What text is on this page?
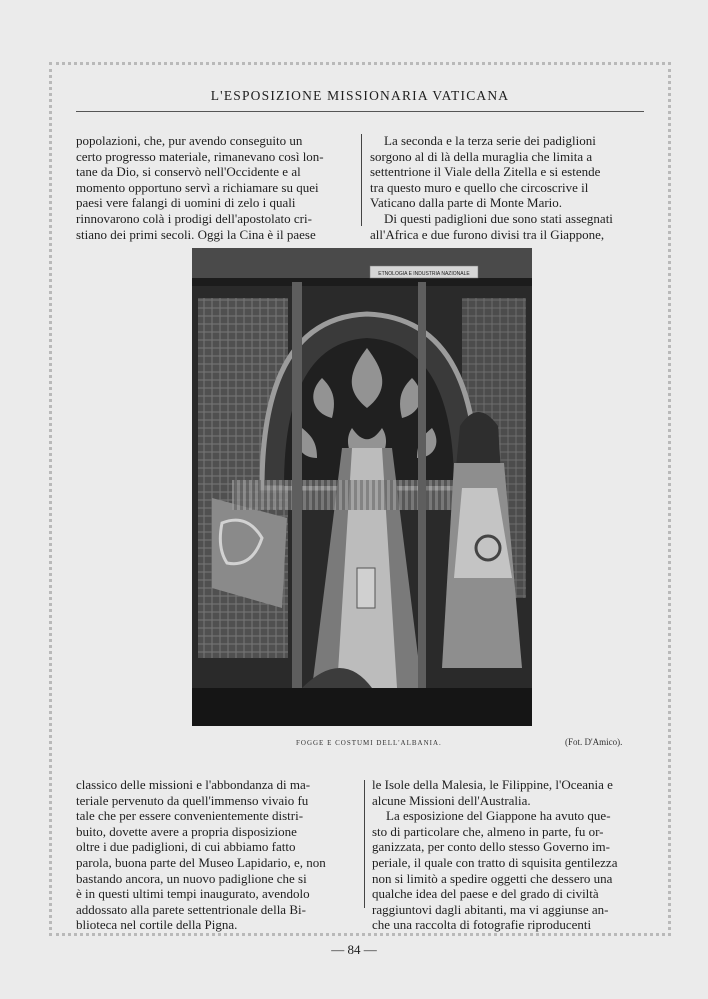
L'ESPOSIZIONE MISSIONARIA VATICANA

popolazioni, che, pur avendo conseguito un

certo progresso materiale, rimanevano così lon-

tane da Dio, si conservò nell'Occidente e al

momento opportuno servì a richiamare su quei

paesi vere falangi di uomini di zelo i quali

rinnovarono colà i prodigi dell'apostolato cri-

stiano dei primi secoli. Oggi la Cina è il paese

La seconda e la terza serie dei padiglioni

sorgono al di là della muraglia che limita a

settentrione il Viale della Zitella e si estende

tra questo muro e quello che circoscrive il

Vaticano dalla parte di Monte Mario.

Di questi padiglioni due sono stati assegnati

all'Africa e due furono divisi tra il Giappone,

ETNOLOGIA E INDUSTRIA NAZIONALE
FOGGE E COSTUMI DELL'ALBANIA.	(Fot. D'Amico).

classico delle missioni e l'abbondanza di ma-

teriale pervenuto da quell'immenso vivaio fu

tale che per essere convenientemente distri-

buito, dovette avere a propria disposizione

oltre i due padiglioni, di cui abbiamo fatto

parola, buona parte del Museo Lapidario, e, non

bastando ancora, un nuovo padiglione che si

è in questi ultimi tempi inaugurato, avendolo

addossato alla parete settentrionale della Bi-

blioteca nel cortile della Pigna.

le Isole della Malesia, le Filippine, l'Oceania e

alcune Missioni dell'Australia.

La esposizione del Giappone ha avuto que-

sto di particolare che, almeno in parte, fu or-

ganizzata, per conto dello stesso Governo im-

periale, il quale con tratto di squisita gentilezza

non si limitò a spedire oggetti che dessero una

qualche idea del paese e del grado di civiltà

raggiuntovi dagli abitanti, ma vi aggiunse an-

che una raccolta di fotografie riproducenti

— 84 —
